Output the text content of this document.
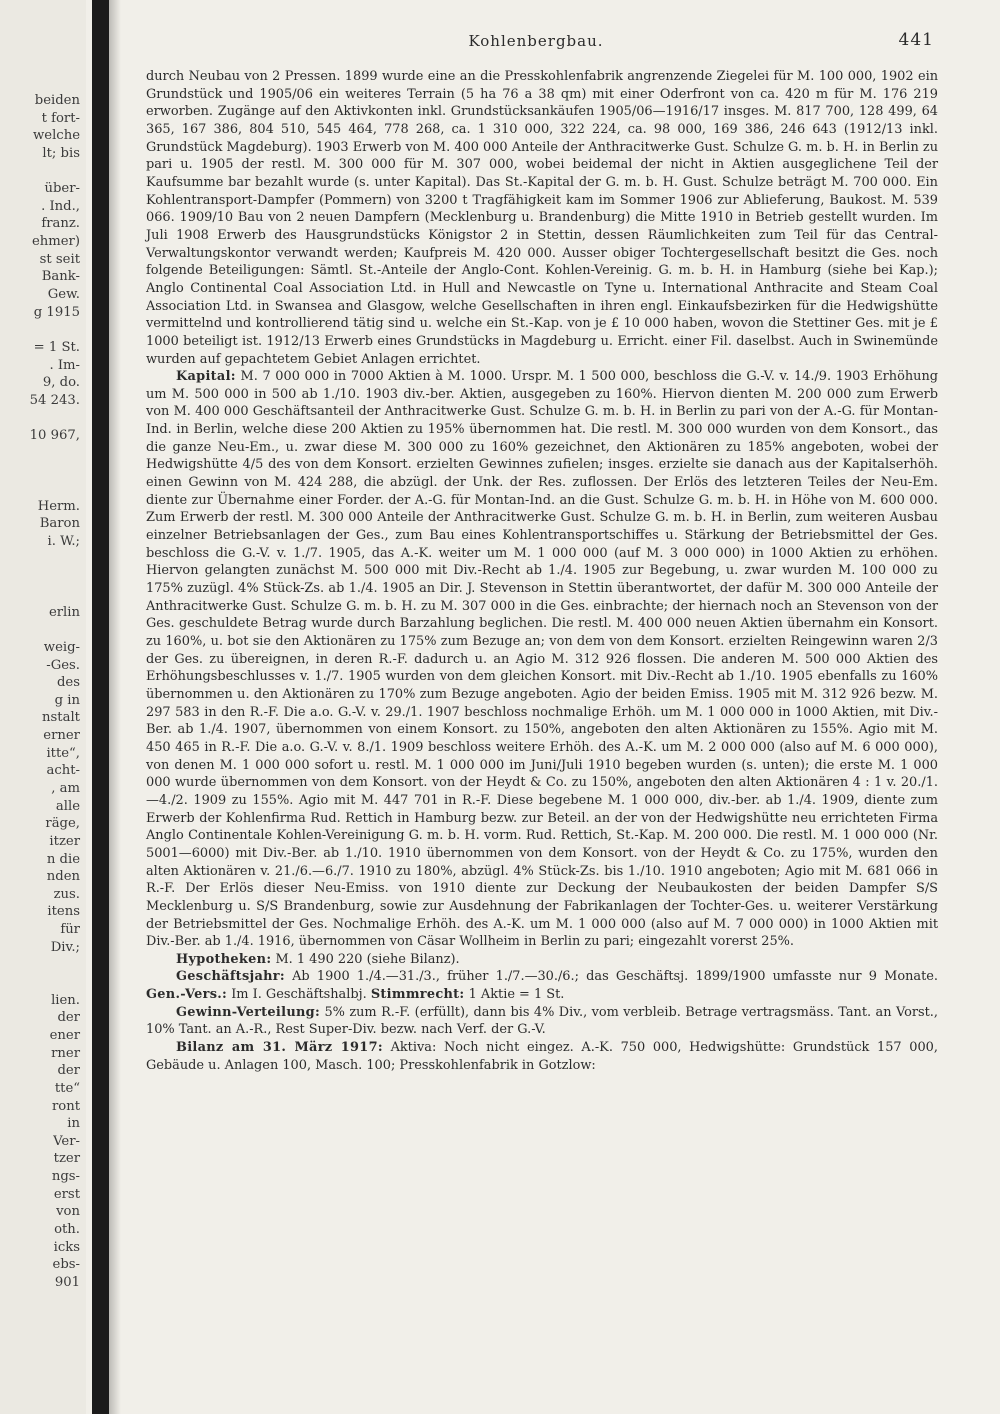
beiden
t fort-
welche
lt; bis
über-
. Ind.,
franz.
ehmer)
st seit
Bank-
Gew.
g 1915
= 1 St.
. Im-
9, do.
54 243.
10 967,
Herm.
Baron
i. W.;
erlin
weig-
-Ges.
des
g in
nstalt
erner
itte“,
acht-
, am
alle
räge,
itzer
n die
nden
zus.
itens
für
Div.;
lien.
der
ener
rner
der
tte“
ront
in
Ver-
tzer
ngs-
erst
von
oth.
icks
ebs-
901
Kohlenbergbau.	441

durch Neubau von 2 Pressen. 1899 wurde eine an die Presskohlenfabrik angrenzende Ziegelei für M. 100 000, 1902 ein Grundstück und 1905/06 ein weiteres Terrain (5 ha 76 a 38 qm) mit einer Oderfront von ca. 420 m für M. 176 219 erworben. Zugänge auf den Aktivkonten inkl. Grundstücksankäufen 1905/06—1916/17 insges. M. 817 700, 128 499, 64 365, 167 386, 804 510, 545 464, 778 268, ca. 1 310 000, 322 224, ca. 98 000, 169 386, 246 643 (1912/13 inkl. Grundstück Magdeburg). 1903 Erwerb von M. 400 000 Anteile der Anthracitwerke Gust. Schulze G. m. b. H. in Berlin zu pari u. 1905 der restl. M. 300 000 für M. 307 000, wobei beidemal der nicht in Aktien ausgeglichene Teil der Kaufsumme bar bezahlt wurde (s. unter Kapital). Das St.-Kapital der G. m. b. H. Gust. Schulze beträgt M. 700 000. Ein Kohlentransport-Dampfer (Pommern) von 3200 t Tragfähigkeit kam im Sommer 1906 zur Ablieferung, Baukost. M. 539 066. 1909/10 Bau von 2 neuen Dampfern (Mecklenburg u. Brandenburg) die Mitte 1910 in Betrieb gestellt wurden. Im Juli 1908 Erwerb des Hausgrundstücks Königstor 2 in Stettin, dessen Räumlichkeiten zum Teil für das Central-Verwaltungskontor verwandt werden; Kaufpreis M. 420 000. Ausser obiger Tochtergesellschaft besitzt die Ges. noch folgende Beteiligungen: Sämtl. St.-Anteile der Anglo-Cont. Kohlen-Vereinig. G. m. b. H. in Hamburg (siehe bei Kap.); Anglo Continental Coal Association Ltd. in Hull and Newcastle on Tyne u. International Anthracite and Steam Coal Association Ltd. in Swansea and Glasgow, welche Gesellschaften in ihren engl. Einkaufsbezirken für die Hedwigshütte vermittelnd und kontrollierend tätig sind u. welche ein St.-Kap. von je £ 10 000 haben, wovon die Stettiner Ges. mit je £ 1000 beteiligt ist. 1912/13 Erwerb eines Grundstücks in Magdeburg u. Erricht. einer Fil. daselbst. Auch in Swinemünde wurden auf gepachtetem Gebiet Anlagen errichtet.

Kapital: M. 7 000 000 in 7000 Aktien à M. 1000. Urspr. M. 1 500 000, beschloss die G.-V. v. 14./9. 1903 Erhöhung um M. 500 000 in 500 ab 1./10. 1903 div.-ber. Aktien, ausgegeben zu 160%. Hiervon dienten M. 200 000 zum Erwerb von M. 400 000 Geschäftsanteil der Anthracitwerke Gust. Schulze G. m. b. H. in Berlin zu pari von der A.-G. für Montan-Ind. in Berlin, welche diese 200 Aktien zu 195% übernommen hat. Die restl. M. 300 000 wurden von dem Konsort., das die ganze Neu-Em., u. zwar diese M. 300 000 zu 160% gezeichnet, den Aktionären zu 185% angeboten, wobei der Hedwigshütte 4/5 des von dem Konsort. erzielten Gewinnes zufielen; insges. erzielte sie danach aus der Kapitalserhöh. einen Gewinn von M. 424 288, die abzügl. der Unk. der Res. zuflossen. Der Erlös des letzteren Teiles der Neu-Em. diente zur Übernahme einer Forder. der A.-G. für Montan-Ind. an die Gust. Schulze G. m. b. H. in Höhe von M. 600 000. Zum Erwerb der restl. M. 300 000 Anteile der Anthracitwerke Gust. Schulze G. m. b. H. in Berlin, zum weiteren Ausbau einzelner Betriebsanlagen der Ges., zum Bau eines Kohlentransportschiffes u. Stärkung der Betriebsmittel der Ges. beschloss die G.-V. v. 1./7. 1905, das A.-K. weiter um M. 1 000 000 (auf M. 3 000 000) in 1000 Aktien zu erhöhen. Hiervon gelangten zunächst M. 500 000 mit Div.-Recht ab 1./4. 1905 zur Begebung, u. zwar wurden M. 100 000 zu 175% zuzügl. 4% Stück-Zs. ab 1./4. 1905 an Dir. J. Stevenson in Stettin überantwortet, der dafür M. 300 000 Anteile der Anthracitwerke Gust. Schulze G. m. b. H. zu M. 307 000 in die Ges. einbrachte; der hiernach noch an Stevenson von der Ges. geschuldete Betrag wurde durch Barzahlung beglichen. Die restl. M. 400 000 neuen Aktien übernahm ein Konsort. zu 160%, u. bot sie den Aktionären zu 175% zum Bezuge an; von dem von dem Konsort. erzielten Reingewinn waren 2/3 der Ges. zu übereignen, in deren R.-F. dadurch u. an Agio M. 312 926 flossen. Die anderen M. 500 000 Aktien des Erhöhungsbeschlusses v. 1./7. 1905 wurden von dem gleichen Konsort. mit Div.-Recht ab 1./10. 1905 ebenfalls zu 160% übernommen u. den Aktionären zu 170% zum Bezuge angeboten. Agio der beiden Emiss. 1905 mit M. 312 926 bezw. M. 297 583 in den R.-F. Die a.o. G.-V. v. 29./1. 1907 beschloss nochmalige Erhöh. um M. 1 000 000 in 1000 Aktien, mit Div.-Ber. ab 1./4. 1907, übernommen von einem Konsort. zu 150%, angeboten den alten Aktionären zu 155%. Agio mit M. 450 465 in R.-F. Die a.o. G.-V. v. 8./1. 1909 beschloss weitere Erhöh. des A.-K. um M. 2 000 000 (also auf M. 6 000 000), von denen M. 1 000 000 sofort u. restl. M. 1 000 000 im Juni/Juli 1910 begeben wurden (s. unten); die erste M. 1 000 000 wurde übernommen von dem Konsort. von der Heydt & Co. zu 150%, angeboten den alten Aktionären 4 : 1 v. 20./1.—4./2. 1909 zu 155%. Agio mit M. 447 701 in R.-F. Diese begebene M. 1 000 000, div.-ber. ab 1./4. 1909, diente zum Erwerb der Kohlenfirma Rud. Rettich in Hamburg bezw. zur Beteil. an der von der Hedwigshütte neu errichteten Firma Anglo Continentale Kohlen-Vereinigung G. m. b. H. vorm. Rud. Rettich, St.-Kap. M. 200 000. Die restl. M. 1 000 000 (Nr. 5001—6000) mit Div.-Ber. ab 1./10. 1910 übernommen von dem Konsort. von der Heydt & Co. zu 175%, wurden den alten Aktionären v. 21./6.—6./7. 1910 zu 180%, abzügl. 4% Stück-Zs. bis 1./10. 1910 angeboten; Agio mit M. 681 066 in R.-F. Der Erlös dieser Neu-Emiss. von 1910 diente zur Deckung der Neubaukosten der beiden Dampfer S/S Mecklenburg u. S/S Brandenburg, sowie zur Ausdehnung der Fabrikanlagen der Tochter-Ges. u. weiterer Verstärkung der Betriebsmittel der Ges. Nochmalige Erhöh. des A.-K. um M. 1 000 000 (also auf M. 7 000 000) in 1000 Aktien mit Div.-Ber. ab 1./4. 1916, übernommen von Cäsar Wollheim in Berlin zu pari; eingezahlt vorerst 25%.

Hypotheken: M. 1 490 220 (siehe Bilanz).

Geschäftsjahr: Ab 1900 1./4.—31./3., früher 1./7.—30./6.; das Geschäftsj. 1899/1900 umfasste nur 9 Monate. Gen.-Vers.: Im I. Geschäftshalbj. Stimmrecht: 1 Aktie = 1 St.

Gewinn-Verteilung: 5% zum R.-F. (erfüllt), dann bis 4% Div., vom verbleib. Betrage vertragsmäss. Tant. an Vorst., 10% Tant. an A.-R., Rest Super-Div. bezw. nach Verf. der G.-V.

Bilanz am 31. März 1917: Aktiva: Noch nicht eingez. A.-K. 750 000, Hedwigshütte: Grundstück 157 000, Gebäude u. Anlagen 100, Masch. 100; Presskohlenfabrik in Gotzlow:
